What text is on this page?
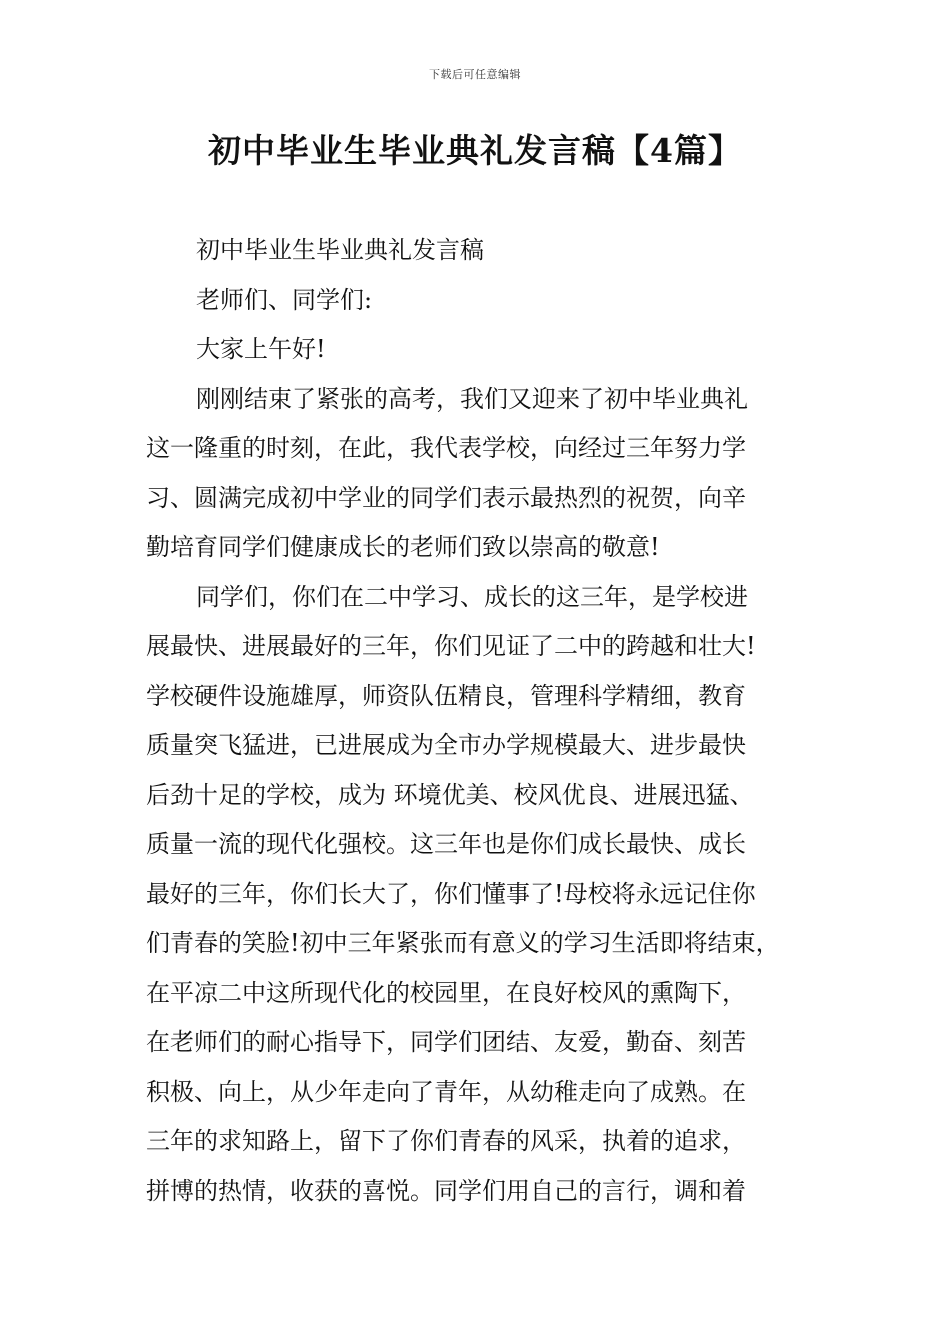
下载后可任意编辑
初中毕业生毕业典礼发言稿【4篇】

初中毕业生毕业典礼发言稿

老师们、同学们:

大家上午好!

刚刚结束了紧张的高考，我们又迎来了初中毕业典礼

这一隆重的时刻，在此，我代表学校，向经过三年努力学

习、圆满完成初中学业的同学们表示最热烈的祝贺，向辛

勤培育同学们健康成长的老师们致以崇高的敬意!

同学们，你们在二中学习、成长的这三年，是学校进

展最快、进展最好的三年，你们见证了二中的跨越和壮大!

学校硬件设施雄厚，师资队伍精良，管理科学精细，教育

质量突飞猛进，已进展成为全市办学规模最大、进步最快

后劲十足的学校，成为 环境优美、校风优良、进展迅猛、

质量一流的现代化强校。这三年也是你们成长最快、成长

最好的三年，你们长大了，你们懂事了!母校将永远记住你

们青春的笑脸!初中三年紧张而有意义的学习生活即将结束，

在平凉二中这所现代化的校园里，在良好校风的熏陶下，

在老师们的耐心指导下，同学们团结、友爱，勤奋、刻苦

积极、向上，从少年走向了青年，从幼稚走向了成熟。在

三年的求知路上，留下了你们青春的风采，执着的追求，

拼博的热情，收获的喜悦。同学们用自己的言行，调和着
